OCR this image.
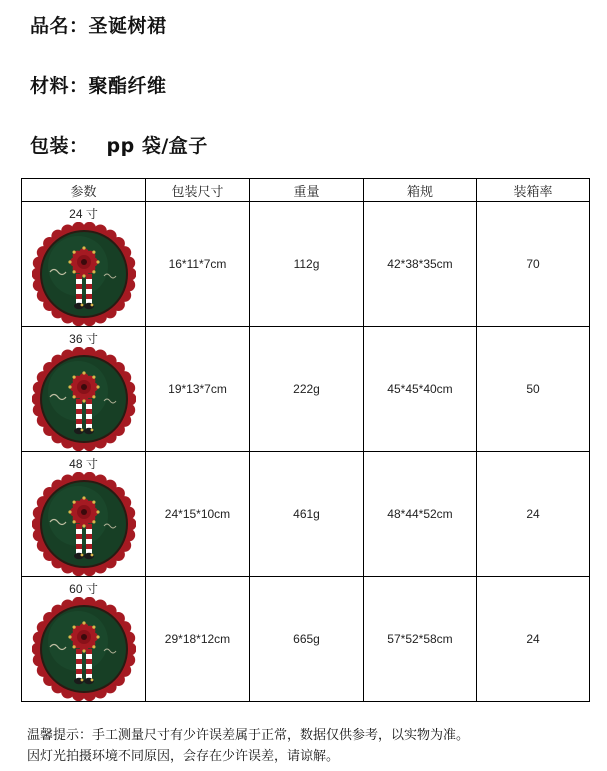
品名：圣诞树裙
材料：聚酯纤维
包装： pp 袋/盒子
参数	包装尺寸	重量	箱规	装箱率

24 寸	16*11*7cm	112g	42*38*35cm	70

36 寸	19*13*7cm	222g	45*45*40cm	50

48 寸	24*15*10cm	461g	48*44*52cm	24

60 寸	29*18*12cm	665g	57*52*58cm	24
温馨提示：手工测量尺寸有少许误差属于正常，数据仅供参考，以实物为准。
因灯光拍摄环境不同原因，会存在少许误差，请谅解。
